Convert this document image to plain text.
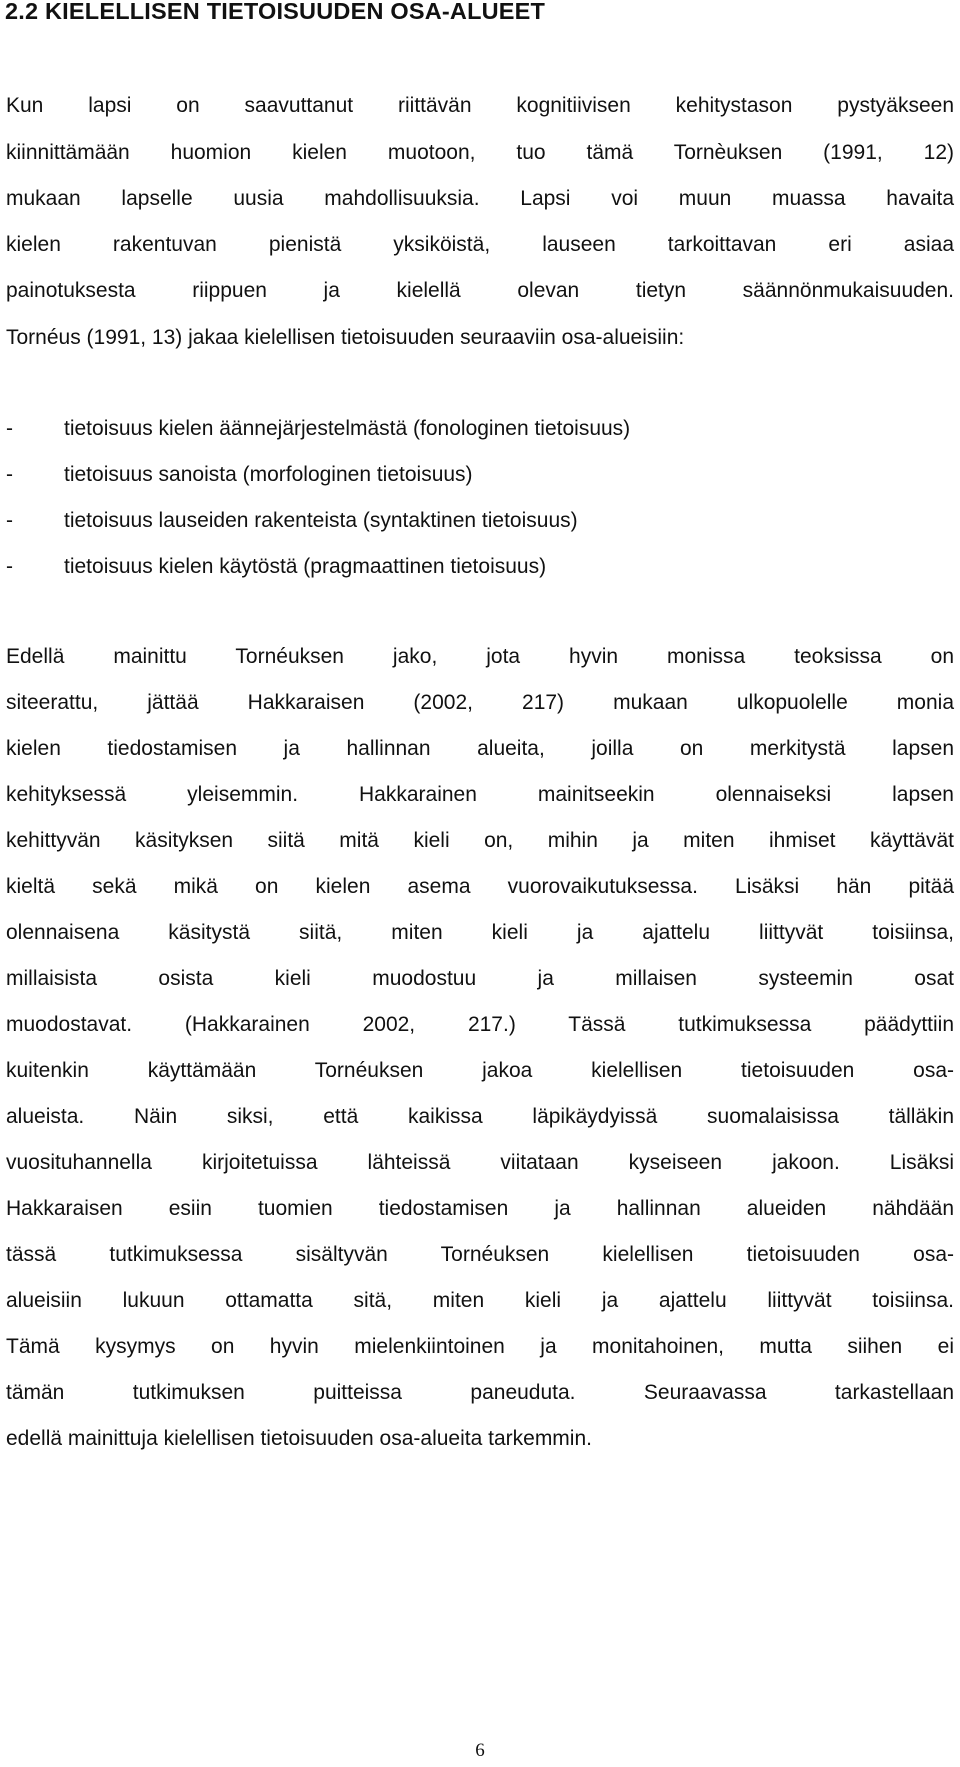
2.2 KIELELLISEN TIETOISUUDEN OSA-ALUEET
Kun lapsi on saavuttanut riittävän kognitiivisen kehitystason pystyäkseen
kiinnittämään huomion kielen muotoon, tuo tämä Tornèuksen (1991, 12)
mukaan lapselle uusia mahdollisuuksia. Lapsi voi muun muassa havaita
kielen rakentuvan pienistä yksiköistä, lauseen tarkoittavan eri asiaa
painotuksesta riippuen ja kielellä olevan tietyn säännönmukaisuuden.
Tornéus (1991, 13) jakaa kielellisen tietoisuuden seuraaviin osa-alueisiin:
- tietoisuus kielen äännejärjestelmästä (fonologinen tietoisuus)
- tietoisuus sanoista (morfologinen tietoisuus)
- tietoisuus lauseiden rakenteista (syntaktinen tietoisuus)
- tietoisuus kielen käytöstä (pragmaattinen tietoisuus)
Edellä mainittu Tornéuksen jako, jota hyvin monissa teoksissa on
siteerattu, jättää Hakkaraisen (2002, 217) mukaan ulkopuolelle monia
kielen tiedostamisen ja hallinnan alueita, joilla on merkitystä lapsen
kehityksessä yleisemmin. Hakkarainen mainitseekin olennaiseksi lapsen
kehittyvän käsityksen siitä mitä kieli on, mihin ja miten ihmiset käyttävät
kieltä sekä mikä on kielen asema vuorovaikutuksessa. Lisäksi hän pitää
olennaisena käsitystä siitä, miten kieli ja ajattelu liittyvät toisiinsa,
millaisista osista kieli muodostuu ja millaisen systeemin osat
muodostavat. (Hakkarainen 2002, 217.) Tässä tutkimuksessa päädyttiin
kuitenkin käyttämään Tornéuksen jakoa kielellisen tietoisuuden osa-
alueista. Näin siksi, että kaikissa läpikäydyissä suomalaisissa tälläkin
vuosituhannella kirjoitetuissa lähteissä viitataan kyseiseen jakoon. Lisäksi
Hakkaraisen esiin tuomien tiedostamisen ja hallinnan alueiden nähdään
tässä tutkimuksessa sisältyvän Tornéuksen kielellisen tietoisuuden osa-
alueisiin lukuun ottamatta sitä, miten kieli ja ajattelu liittyvät toisiinsa.
Tämä kysymys on hyvin mielenkiintoinen ja monitahoinen, mutta siihen ei
tämän tutkimuksen puitteissa paneuduta. Seuraavassa tarkastellaan
edellä mainittuja kielellisen tietoisuuden osa-alueita tarkemmin.
6
